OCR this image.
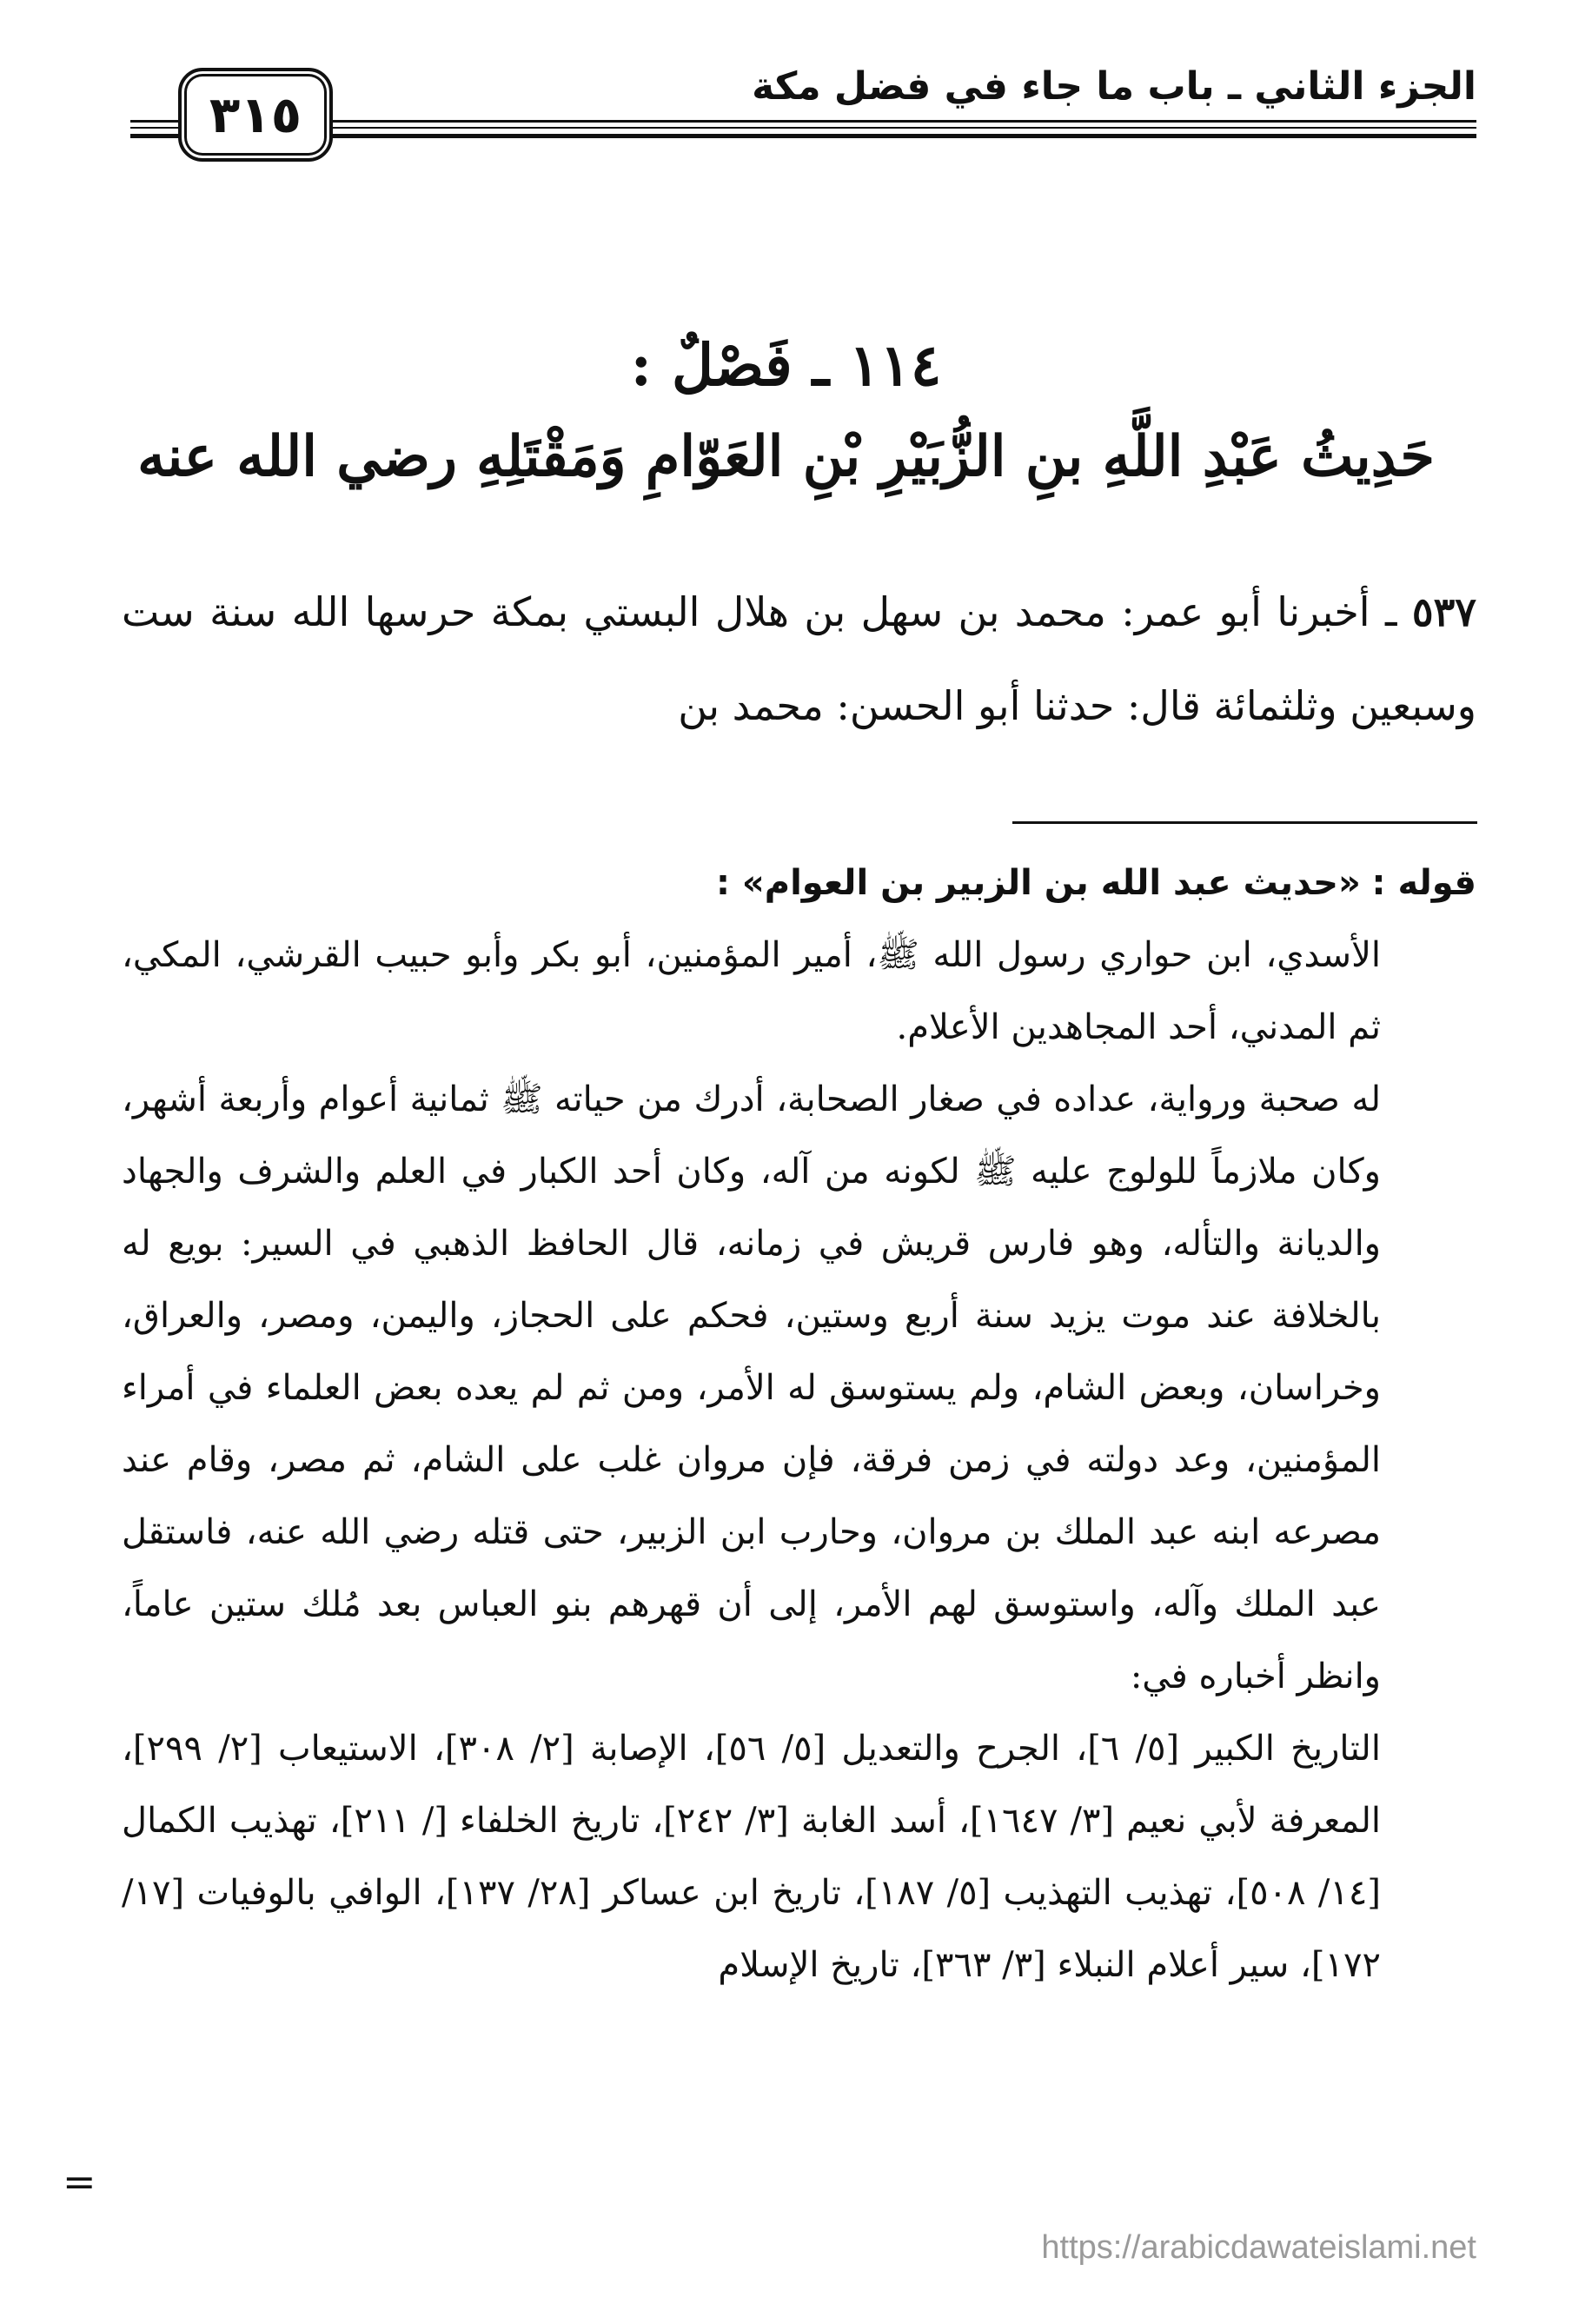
الجزء الثاني ـ باب ما جاء في فضل مكة
٣١٥
١١٤ ـ فَصْلٌ :
حَدِيثُ عَبْدِ اللَّهِ بنِ الزُّبَيْرِ بْنِ العَوّامِ وَمَقْتَلِهِ رضي الله عنه
٥٣٧ ـ أخبرنا أبو عمر: محمد بن سهل بن هلال البستي بمكة حرسها الله سنة ست وسبعين وثلثمائة قال: حدثنا أبو الحسن: محمد بن
قوله : «حديث عبد الله بن الزبير بن العوام» :

الأسدي، ابن حواري رسول الله ﷺ، أمير المؤمنين، أبو بكر وأبو حبيب القرشي، المكي، ثم المدني، أحد المجاهدين الأعلام.

له صحبة ورواية، عداده في صغار الصحابة، أدرك من حياته ﷺ ثمانية أعوام وأربعة أشهر، وكان ملازماً للولوج عليه ﷺ لكونه من آله، وكان أحد الكبار في العلم والشرف والجهاد والديانة والتأله، وهو فارس قريش في زمانه، قال الحافظ الذهبي في السير: بويع له بالخلافة عند موت يزيد سنة أربع وستين، فحكم على الحجاز، واليمن، ومصر، والعراق، وخراسان، وبعض الشام، ولم يستوسق له الأمر، ومن ثم لم يعده بعض العلماء في أمراء المؤمنين، وعد دولته في زمن فرقة، فإن مروان غلب على الشام، ثم مصر، وقام عند مصرعه ابنه عبد الملك بن مروان، وحارب ابن الزبير، حتى قتله رضي الله عنه، فاستقل عبد الملك وآله، واستوسق لهم الأمر، إلى أن قهرهم بنو العباس بعد مُلك ستين عاماً، وانظر أخباره في:

التاريخ الكبير [٥/ ٦]، الجرح والتعديل [٥/ ٥٦]، الإصابة [٢/ ٣٠٨]، الاستيعاب [٢/ ٢٩٩]، المعرفة لأبي نعيم [٣/ ١٦٤٧]، أسد الغابة [٣/ ٢٤٢]، تاريخ الخلفاء [/ ٢١١]، تهذيب الكمال [١٤/ ٥٠٨]، تهذيب التهذيب [٥/ ١٨٧]، تاريخ ابن عساكر [٢٨/ ١٣٧]، الوافي بالوفيات [١٧/ ١٧٢]، سير أعلام النبلاء [٣/ ٣٦٣]، تاريخ الإسلام

=
https://arabicdawateislami.net
